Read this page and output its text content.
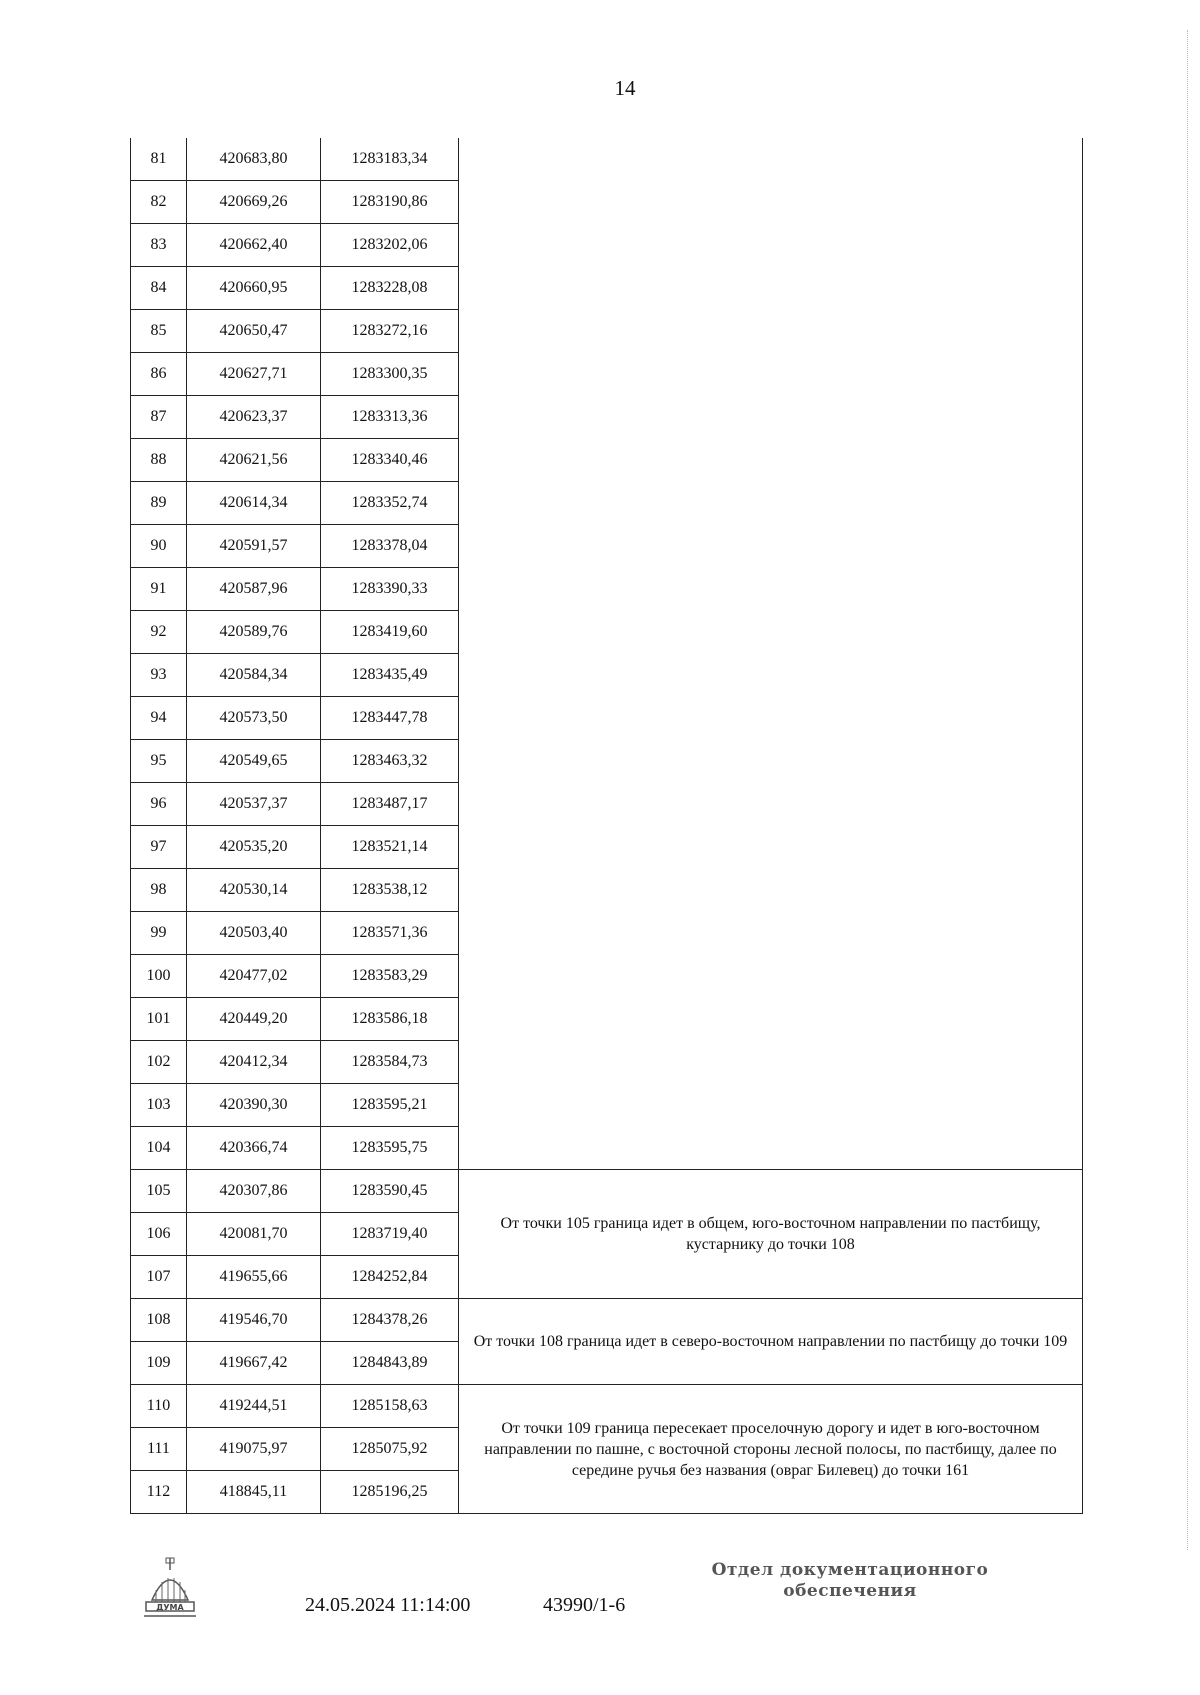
14
81	420683,80	1283183,34	
82	420669,26	1283190,86	
83	420662,40	1283202,06	
84	420660,95	1283228,08	
85	420650,47	1283272,16	
86	420627,71	1283300,35	
87	420623,37	1283313,36	
88	420621,56	1283340,46	
89	420614,34	1283352,74	
90	420591,57	1283378,04	
91	420587,96	1283390,33	
92	420589,76	1283419,60	
93	420584,34	1283435,49	
94	420573,50	1283447,78	
95	420549,65	1283463,32	
96	420537,37	1283487,17	
97	420535,20	1283521,14	
98	420530,14	1283538,12	
99	420503,40	1283571,36	
100	420477,02	1283583,29	
101	420449,20	1283586,18	
102	420412,34	1283584,73	
103	420390,30	1283595,21	
104	420366,74	1283595,75	
105	420307,86	1283590,45	От точки 105 граница идет в общем, юго-восточном направлении по пастбищу, кустарнику до точки 108
106	420081,70	1283719,40	
107	419655,66	1284252,84	
108	419546,70	1284378,26	От точки 108 граница идет в северо-восточном направлении по пастбищу до точки 109
109	419667,42	1284843,89	
110	419244,51	1285158,63	От точки 109 граница пересекает проселочную дорогу и идет в юго-восточном направлении по пашне, с восточной стороны лесной полосы, по пастбищу, далее по середине ручья без названия (овраг Билевец) до точки 161
111	419075,97	1285075,92	
112	418845,11	1285196,25	
ДУМА	24.05.2024 11:14:00	43990/1-6
Отдел документационного обеспечения
